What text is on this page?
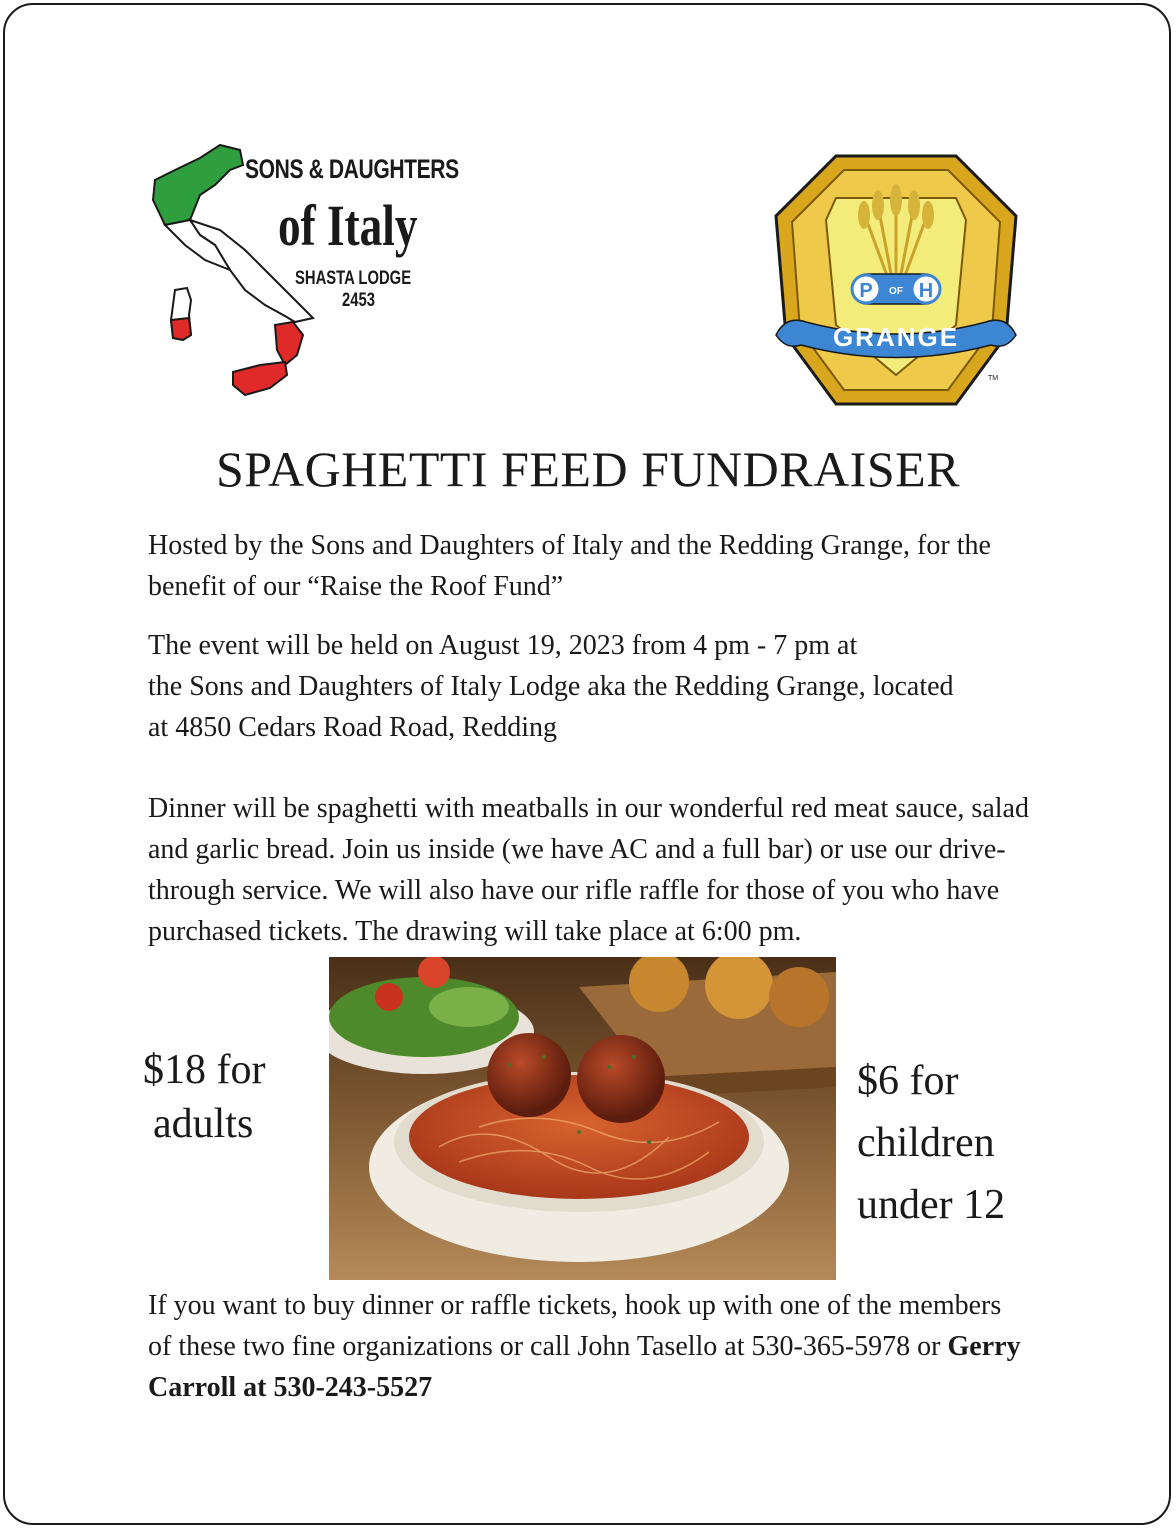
SONS & DAUGHTERS
of Italy
SHASTA LODGE
2453	P OF H
GRANGE
TM
SPAGHETTI FEED FUNDRAISER

Hosted by the Sons and Daughters of Italy and the Redding Grange, for the benefit of our “Raise the Roof Fund”

The event will be held on August 19, 2023 from 4 pm - 7 pm at
the Sons and Daughters of Italy Lodge aka the Redding Grange, located
at 4850 Cedars Road Road, Redding

Dinner will be spaghetti with meatballs in our wonderful red meat sauce, salad and garlic bread. Join us inside (we have AC and a full bar) or use our drive-through service. We will also have our rifle raffle for those of you who have purchased tickets. The drawing will take place at 6:00 pm.

$18 for
adults
$6 for
children
under 12

If you want to buy dinner or raffle tickets, hook up with one of the members of these two fine organizations or call John Tasello at 530-365-5978 or Gerry Carroll at 530-243-5527
